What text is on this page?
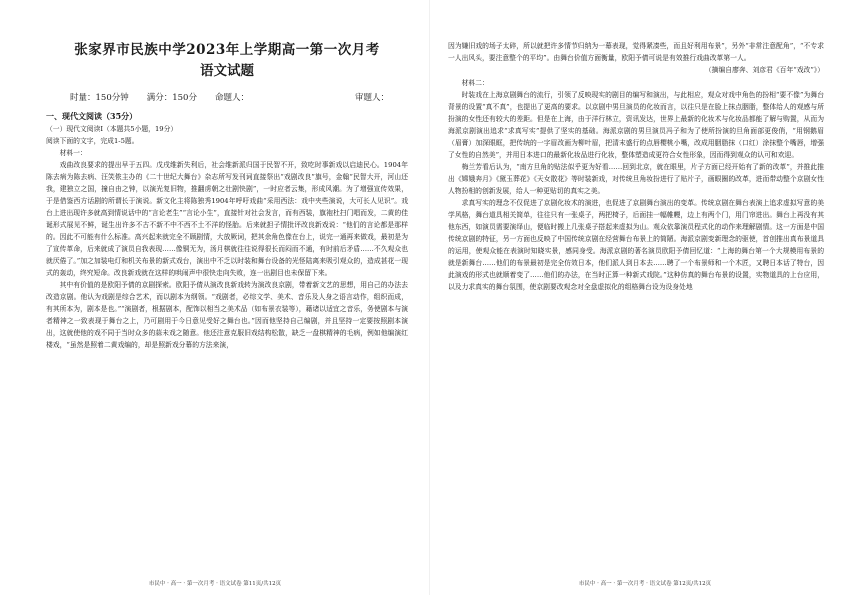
张家界市民族中学2023年上学期高一第一次月考
语文试题
时量：150分钟 满分：150分 命题人：	审题人：

一、现代文阅读（35分）

（一）现代文阅读Ⅰ（本题共5小题，19分）

阅读下面的文字，完成1-5题。

材料一：

戏曲改良要求的提出早于五四。戊戌维新失利后，社会维新派归国于民智不开，致吃时事新戏以启迪民心。1904年陈去病为陈去病、汪笑侬主办的《二十世纪大舞台》杂志所写发刊词直接祭出“戏剧改良”旗号，金翰“民智大开，河山还我，建独立之国，撞自由之钟，以演光复旧物，推翻虏朝之壮剧快剧”，一时应者云集，形成风潮。为了增强宣传效果，于是借鉴西方话剧的所谓长于演说。新文化主将陈独秀1904年呼吁戏曲“采用西法：戏中夹些演说，大可长人见识”。戏台上进出现许多就高到情说话中的“言论老生”“言论小生”，直接针对社会发言，而有西装，旗袍杜扫门唱而发，二黄的佳诞形式展见不鲜，诞生出许多不古不新不中不西不土不洋的怪胎。后来就担子情批评改良新戏说：“他们的言论都是那样的。因此不可能有什么标准。高兴起来就完全不顾剧情，大放厥词，把其余角色像在台上，说完一通再来做戏，最初是为了宣传革命，后来就成了演员自我表现……像铜无为，汤月棋就往往说得很长而闷而不通，有时前后矛盾……不久观众也就厌倦了。”加之加装电灯和机关布景的新式戏台，演出中不乏以时装和舞台设备的光怪陆离来吸引观众的，造成甚花一现式的轰动，终究短命。改良新戏就在这样的哄闹声中很快走向失败，连一出剧目也未保留下来。

其中有价值的是欧阳予倩的京剧探索。欧阳予倩从演改良新戏转为演改良京剧，带着新文艺的思想，用自己的办法去改造京剧。他认为戏剧是综合艺术，而以剧本为纲领。“戏剧者，必综文学、美术、音乐及人身之语言动作，组织而成，有其所本为，剧本是也。”“演剧者，根据剧本，配饰以相当之美术品（如布景衣装等），藉诸以适宜之音乐，务使剧本与演者精神之一致表现于舞台之上，乃可剧用于今日意见受好之舞台也。”因而他坚持自己编剧，并且坚持一定要按照剧本演出，这就使他的戏不同于当时众多的蒜未戏之随意。他还注意克服旧戏结构松散，缺乏一盘棋精神的毛病，例如他编演红楼戏，“虽然是照着二黄戏编的，却是照新戏分幕的方法来演，

市民中 · 高一 · 第一次月考 · 语文试卷 第11页/共12页

因为嫌旧戏的场子太碎，所以就把许多情节归纳为一幕表现，觉得紧凑些，而且好利用布景”，另外“非常注意配角”，“不专求一人出风头，要注意整个的平均”。由舞台价值方面衡量，欧阳予倩可说是有效推行戏曲改革第一人。

（摘编自廖奔、刘彦君《百年“戏改”》）

材料二：

时装戏在上海京剧舞台的流行，引领了反映现实的剧目的编写和演出，与此相应，观众对戏中角色的扮相“要不像”为舞台背景的设置“真不真”，也提出了更高的要求。以京剧中男旦演员的化妆而言，以往只是在脸上抹点胭脂，整体给人的观感与所扮演的女性还有较大的差距。但是在上海，由于洋行林立，资讯发达，世界上最新的化妆术与化妆品都能了解与购置，从而为海派京剧演出追求“求真写实”提供了坚实的基础。海派京剧的男旦演员冯子和为了使所扮演的旦角面部更俊俏，“用钢鹅眉（眉膏）加深眼眶，把传统的一字眉改画为柳叶眉，把清末盛行的点唇樱桃小嘴，改成用胭脂抹（口红）涂抹整个嘴唇，增强了女性的自然美”，并用日本进口的最新化妆品进行化妆，整体塑造成更符合女性形象，因而得到观众的认可和欢迎。

梅兰芳看后认为，“南方旦角的贴法似乎更为好看……回到北京，就在眼里，片子方面已经开始有了新的改革”，并推此推出《嫦娥奔月》《黛玉葬花》《天女散花》等时装新戏，对传统旦角妆扮进行了贴片子，画眼圈的改革，进而带动整个京剧女性人物扮相的创新发展，给人一种更贴切的真实之美。

求真写实的理念不仅促进了京剧化妆术的演进，也促进了京剧舞台演出的变革。传统京剧在舞台表演上追求虚拟写意的美学风格，舞台道具相关简单，往往只有一张桌子，两把椅子，后面挂一幅帷幔，边上有两个门，用门帘进出。舞台上再没有其他东西，如演员需要演绎山，便临时搬上几张桌子搭起来虚拟为山。观众依靠演员程式化的动作来理解剧情。这一方面是中国传统京剧的特征，另一方面也反映了中国传统京剧在经营舞台布景上的简陋。海派京剧变新理念的驱使，首创推出真布景道具的运用，使观众能在表演时知晓实景，感同身受。海派京剧的著名演员欧阳予倩回忆道：“上海的舞台第一个大规模用布景的就是新舞台……他们的布景最初是完全仿效日本，他们派人到日本去……聘了一个布景师和一个木匠，又聘日本话了特台，因此演戏的形式也就顺着变了……他们的办法，在当时正算一种新式戏院。”这种仿真的舞台布景的设置，实物道具的上台应用，以及力求真实的舞台氛围，使京剧要改观念对全盘虚拟化的组格舞台设为设身处地

市民中 · 高一 · 第一次月考 · 语文试卷 第12页/共12页
